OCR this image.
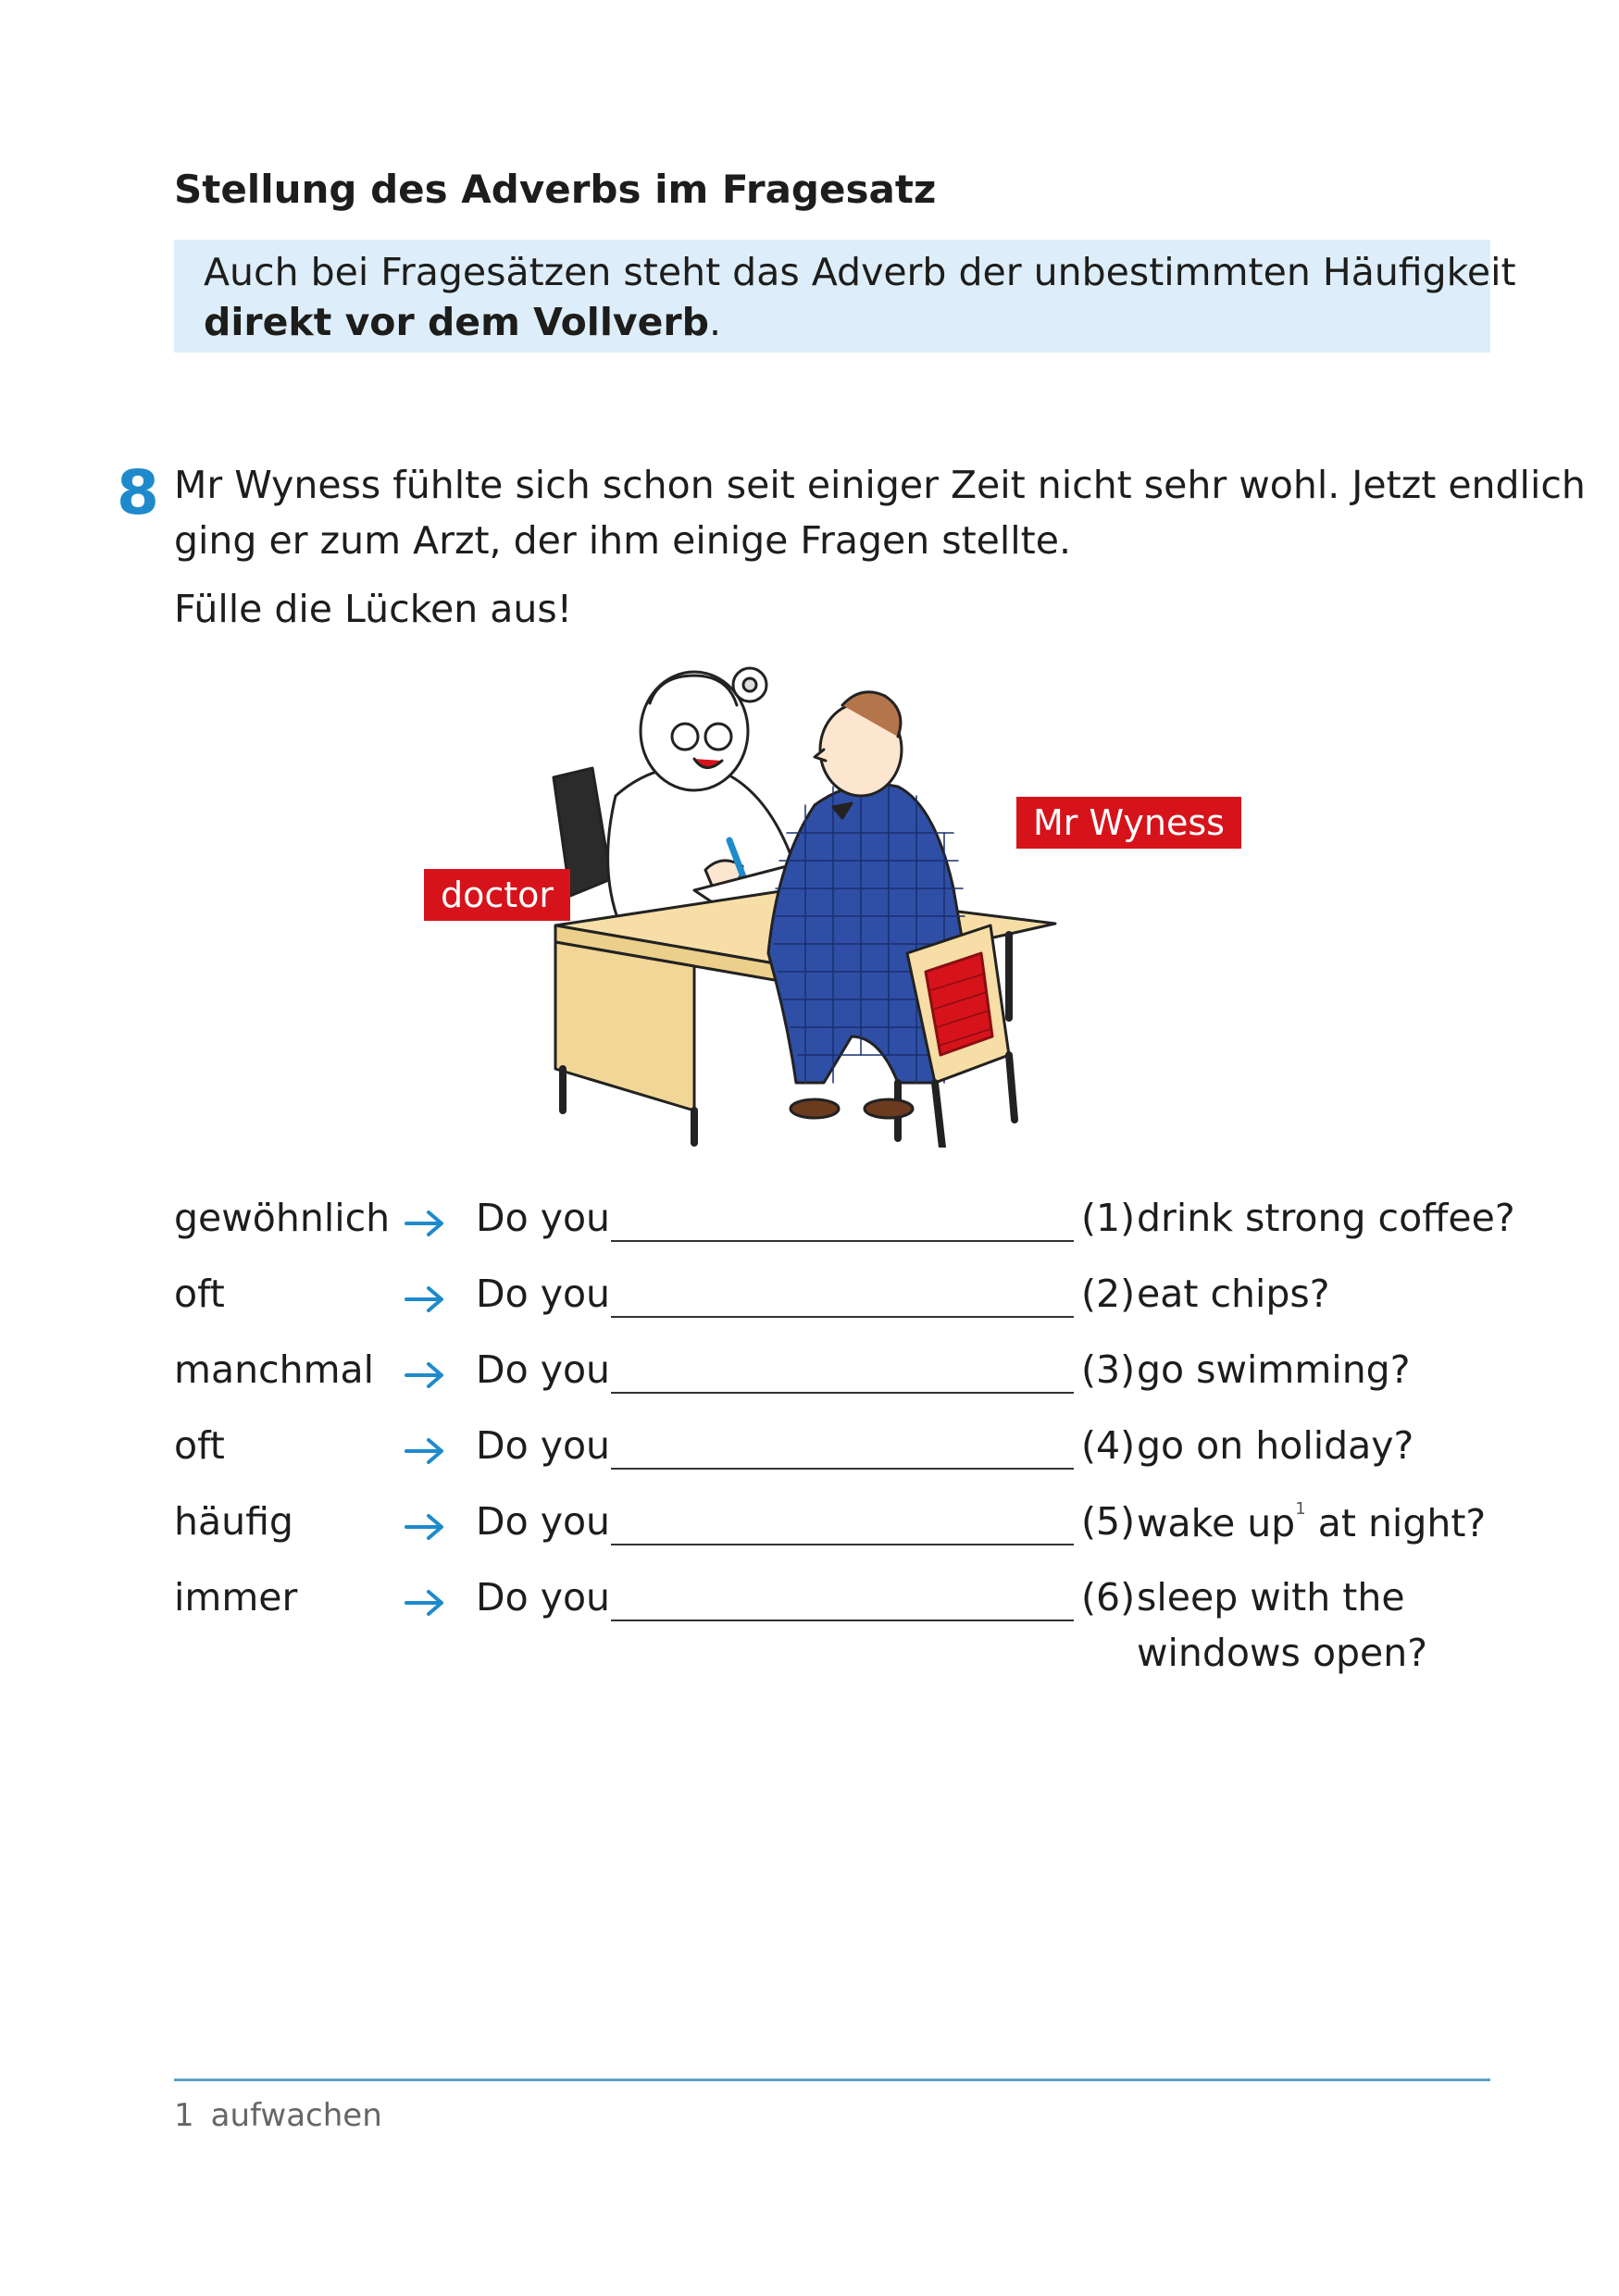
Stellung des Adverbs im Fragesatz
Auch bei Fragesätzen steht das Adverb der unbestimmten Häufigkeit
direkt vor dem Vollverb.
8 Mr Wyness fühlte sich schon seit einiger Zeit nicht sehr wohl. Jetzt endlich
ging er zum Arzt, der ihm einige Fragen stellte.
Fülle die Lücken aus!
doctor
Mr Wyness
gewöhnlich Do you	(1) drink strong coffee?
oft	Do you	(2) eat chips?
manchmal	Do you	(3) go swimming?
oft	Do you	(4) go on holiday?
häufig	Do you	(5) wake $up^1$ at night?
immer	Do you	(6) sleep with the
windows open?
1 aufwachen
